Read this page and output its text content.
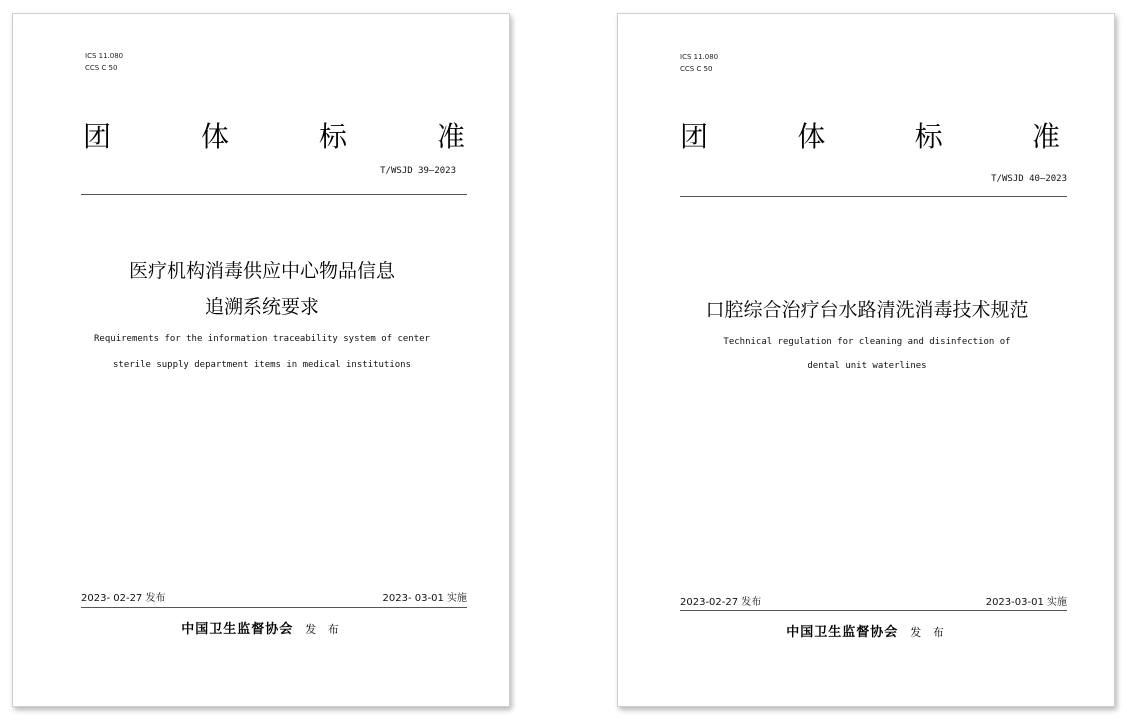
ICS 11.080
CCS C 50
团	体	标	准
T/WSJD 39—2023
医疗机构消毒供应中心物品信息
追溯系统要求
Requirements for the information traceability system of center
sterile supply department items in medical institutions
2023- 02-27 发布	2023- 03-01 实施
中国卫生监督协会 发 布
ICS 11.080
CCS C 50
团	体	标	准
T/WSJD 40—2023
口腔综合治疗台水路清洗消毒技术规范
Technical regulation for cleaning and disinfection of
dental unit waterlines
2023-02-27 发布	2023-03-01 实施
中国卫生监督协会 发 布
